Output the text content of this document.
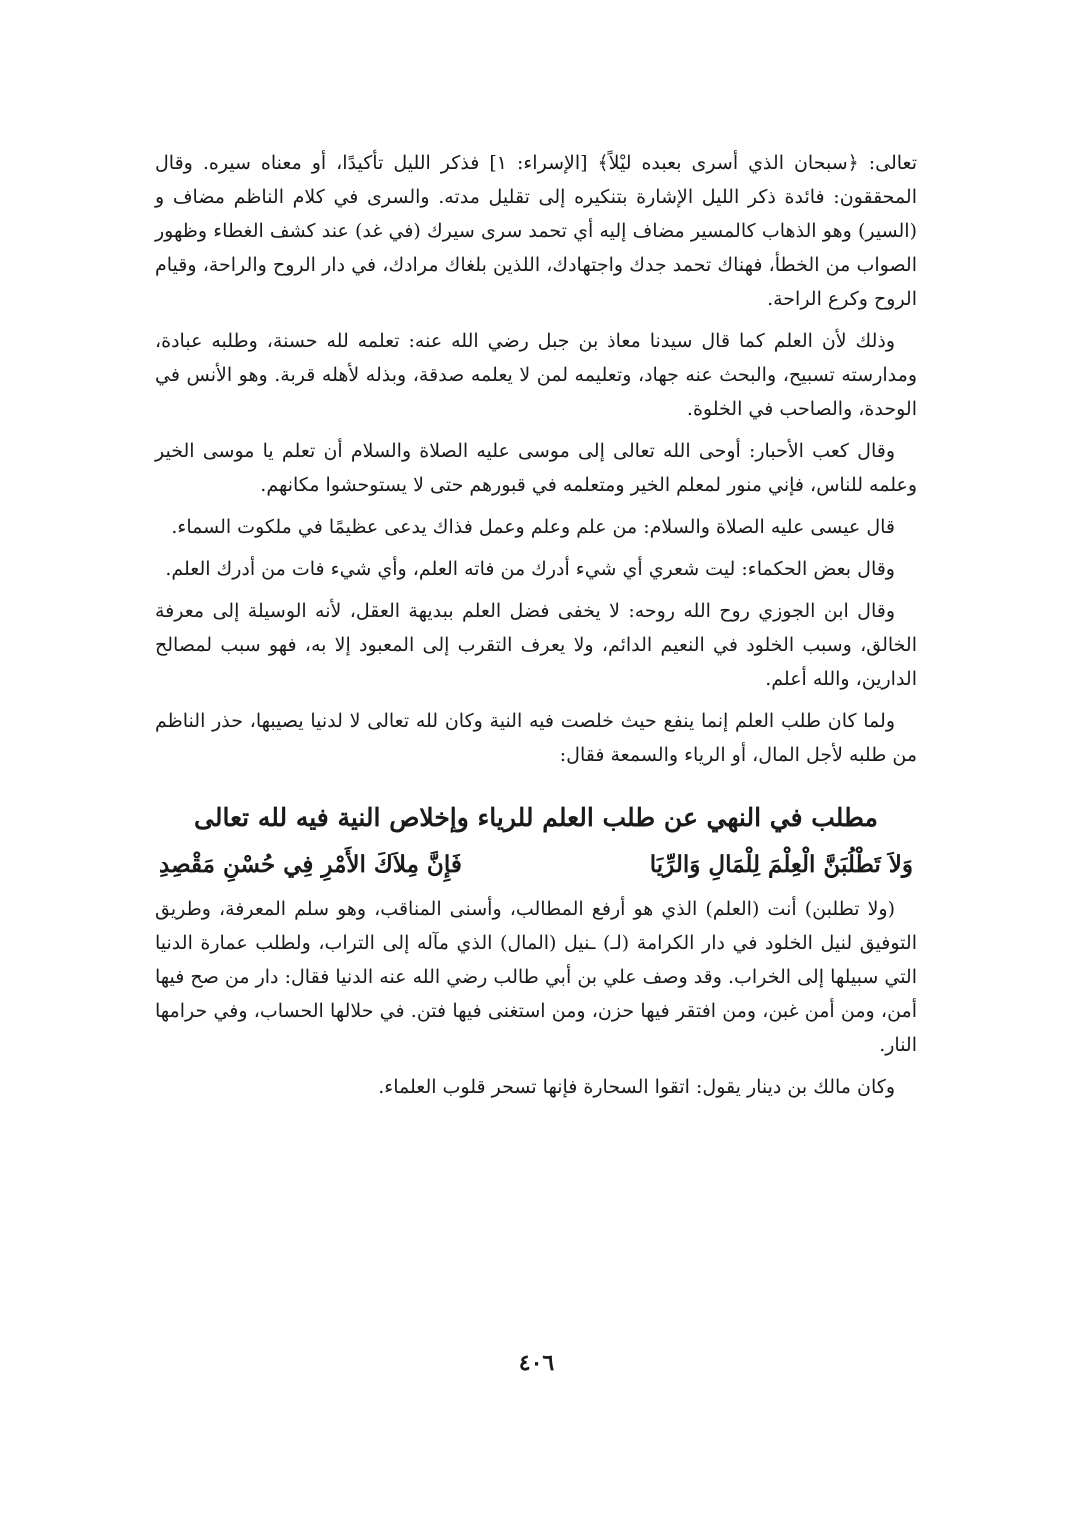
تعالى: ﴿سبحان الذي أسرى بعبده ليْلاً﴾ [الإسراء: ١] فذكر الليل تأكيدًا، أو معناه سيره. وقال المحققون: فائدة ذكر الليل الإشارة بتنكيره إلى تقليل مدته. والسرى في كلام الناظم مضاف و (السير) وهو الذهاب كالمسير مضاف إليه أي تحمد سرى سيرك (في غد) عند كشف الغطاء وظهور الصواب من الخطأ، فهناك تحمد جدك واجتهادك، اللذين بلغاك مرادك، في دار الروح والراحة، وقيام الروح وكرع الراحة.

وذلك لأن العلم كما قال سيدنا معاذ بن جبل رضي الله عنه: تعلمه لله حسنة، وطلبه عبادة، ومدارسته تسبيح، والبحث عنه جهاد، وتعليمه لمن لا يعلمه صدقة، وبذله لأهله قربة. وهو الأنس في الوحدة، والصاحب في الخلوة.

وقال كعب الأحبار: أوحى الله تعالى إلى موسى عليه الصلاة والسلام أن تعلم يا موسى الخير وعلمه للناس، فإني منور لمعلم الخير ومتعلمه في قبورهم حتى لا يستوحشوا مكانهم.

قال عيسى عليه الصلاة والسلام: من علم وعلم وعمل فذاك يدعى عظيمًا في ملكوت السماء.

وقال بعض الحكماء: ليت شعري أي شيء أدرك من فاته العلم، وأي شيء فات من أدرك العلم.

وقال ابن الجوزي روح الله روحه: لا يخفى فضل العلم ببديهة العقل، لأنه الوسيلة إلى معرفة الخالق، وسبب الخلود في النعيم الدائم، ولا يعرف التقرب إلى المعبود إلا به، فهو سبب لمصالح الدارين، والله أعلم.

ولما كان طلب العلم إنما ينفع حيث خلصت فيه النية وكان لله تعالى لا لدنيا يصيبها، حذر الناظم من طلبه لأجل المال، أو الرياء والسمعة فقال:

مطلب في النهي عن طلب العلم للرياء وإخلاص النية فيه لله تعالى
وَلاَ تَطْلُبَنَّ الْعِلْمَ لِلْمَالِ وَالرِّيَا
فَإِنَّ مِلاَكَ الأَمْرِ فِي حُسْنِ مَقْصِدِ

(ولا تطلبن) أنت (العلم) الذي هو أرفع المطالب، وأسنى المناقب، وهو سلم المعرفة، وطريق التوفيق لنيل الخلود في دار الكرامة (لـ) ـنيل (المال) الذي مآله إلى التراب، ولطلب عمارة الدنيا التي سبيلها إلى الخراب. وقد وصف علي بن أبي طالب رضي الله عنه الدنيا فقال: دار من صح فيها أمن، ومن أمن غبن، ومن افتقر فيها حزن، ومن استغنى فيها فتن. في حلالها الحساب، وفي حرامها النار.

وكان مالك بن دينار يقول: اتقوا السحارة فإنها تسحر قلوب العلماء.

٤٠٦
